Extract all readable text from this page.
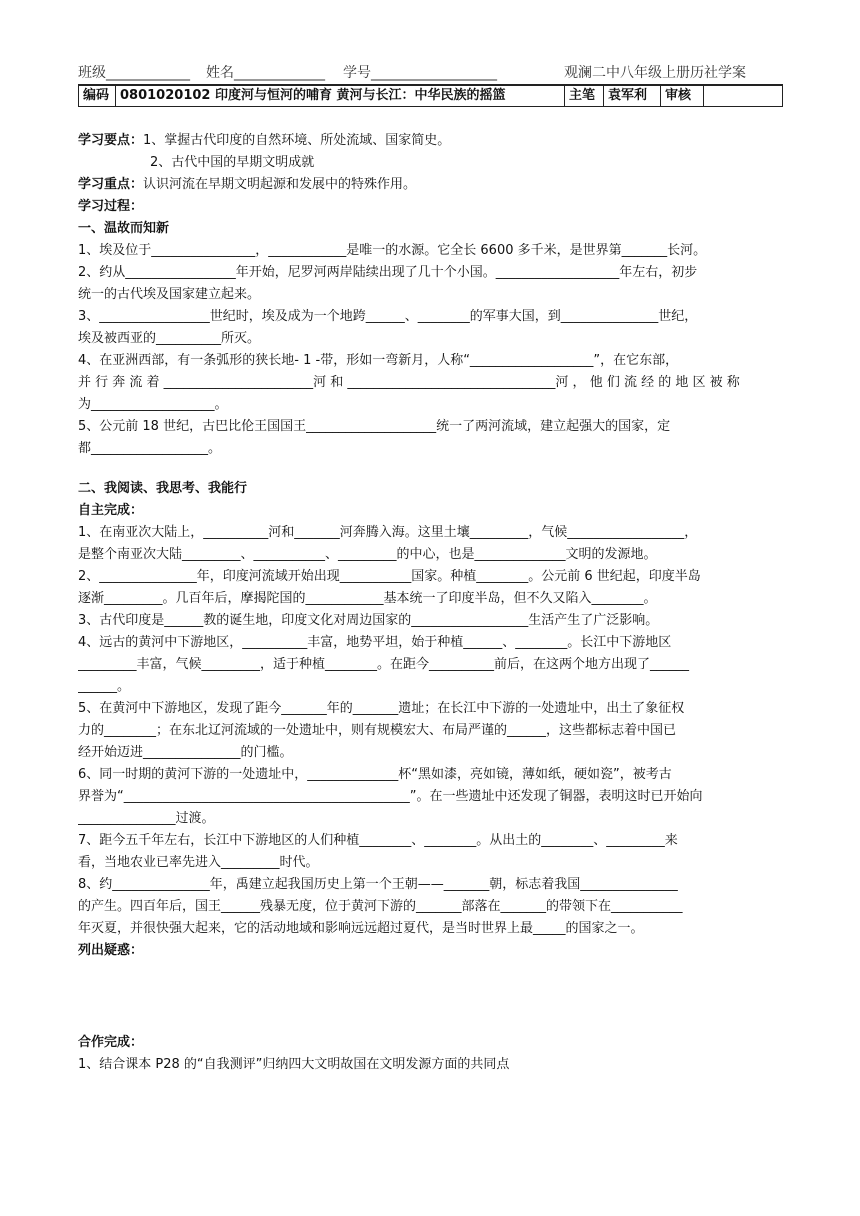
班级____________ 姓名_____________ 学号__________________	观澜二中八年级上册历社学案
编码	0801020102 印度河与恒河的哺育 黄河与长江：中华民族的摇篮	主笔	袁军利	审核	
学习要点：1、掌握古代印度的自然环境、所处流域、国家简史。
2、古代中国的早期文明成就
学习重点：认识河流在早期文明起源和发展中的特殊作用。
学习过程：
一、温故而知新
1、埃及位于________________，____________是唯一的水源。它全长 6600 多千米，是世界第_______长河。
2、约从_________________年开始，尼罗河两岸陆续出现了几十个小国。___________________年左右，初步
统一的古代埃及国家建立起来。
3、_________________世纪时，埃及成为一个地跨______、________的军事大国，到_______________世纪，
埃及被西亚的__________所灭。
4、在亚洲西部，有一条弧形的狭长地- 1 -带，形如一弯新月，人称“___________________”，在它东部，
并 行 奔 流 着 _______________________河 和 ________________________________河 ， 他 们 流 经 的 地 区 被 称
为___________________。
5、公元前 18 世纪，古巴比伦王国国王____________________统一了两河流域，建立起强大的国家，定
都__________________。
二、我阅读、我思考、我能行
自主完成：
1、在南亚次大陆上，__________河和_______河奔腾入海。这里土壤_________，气候__________________，
是整个南亚次大陆_________、___________、_________的中心，也是______________文明的发源地。
2、_______________年，印度河流域开始出现___________国家。种植________。公元前 6 世纪起，印度半岛
逐渐_________。几百年后，摩揭陀国的____________基本统一了印度半岛，但不久又陷入________。
3、古代印度是______教的诞生地，印度文化对周边国家的__________________生活产生了广泛影响。
4、远古的黄河中下游地区，__________丰富，地势平坦，始于种植______、________。长江中下游地区
_________丰富，气候_________，适于种植________。在距今__________前后，在这两个地方出现了______
______。
5、在黄河中下游地区，发现了距今_______年的_______遗址；在长江中下游的一处遗址中，出土了象征权
力的________；在东北辽河流域的一处遗址中，则有规模宏大、布局严谨的______，这些都标志着中国已
经开始迈进_______________的门槛。
6、同一时期的黄河下游的一处遗址中，______________杯“黑如漆，亮如镜，薄如纸，硬如瓷”，被考古
界誉为“____________________________________________”。在一些遗址中还发现了铜器，表明这时已开始向
_______________过渡。
7、距今五千年左右，长江中下游地区的人们种植________、________。从出土的________、_________来
看，当地农业已率先进入_________时代。
8、约_______________年，禹建立起我国历史上第一个王朝——_______朝，标志着我国_______________
的产生。四百年后，国王______残暴无度，位于黄河下游的_______部落在_______的带领下在___________
年灭夏，并很快强大起来，它的活动地域和影响远远超过夏代，是当时世界上最_____的国家之一。
列出疑惑：
合作完成：
1、结合课本 P28 的“自我测评”归纳四大文明故国在文明发源方面的共同点
